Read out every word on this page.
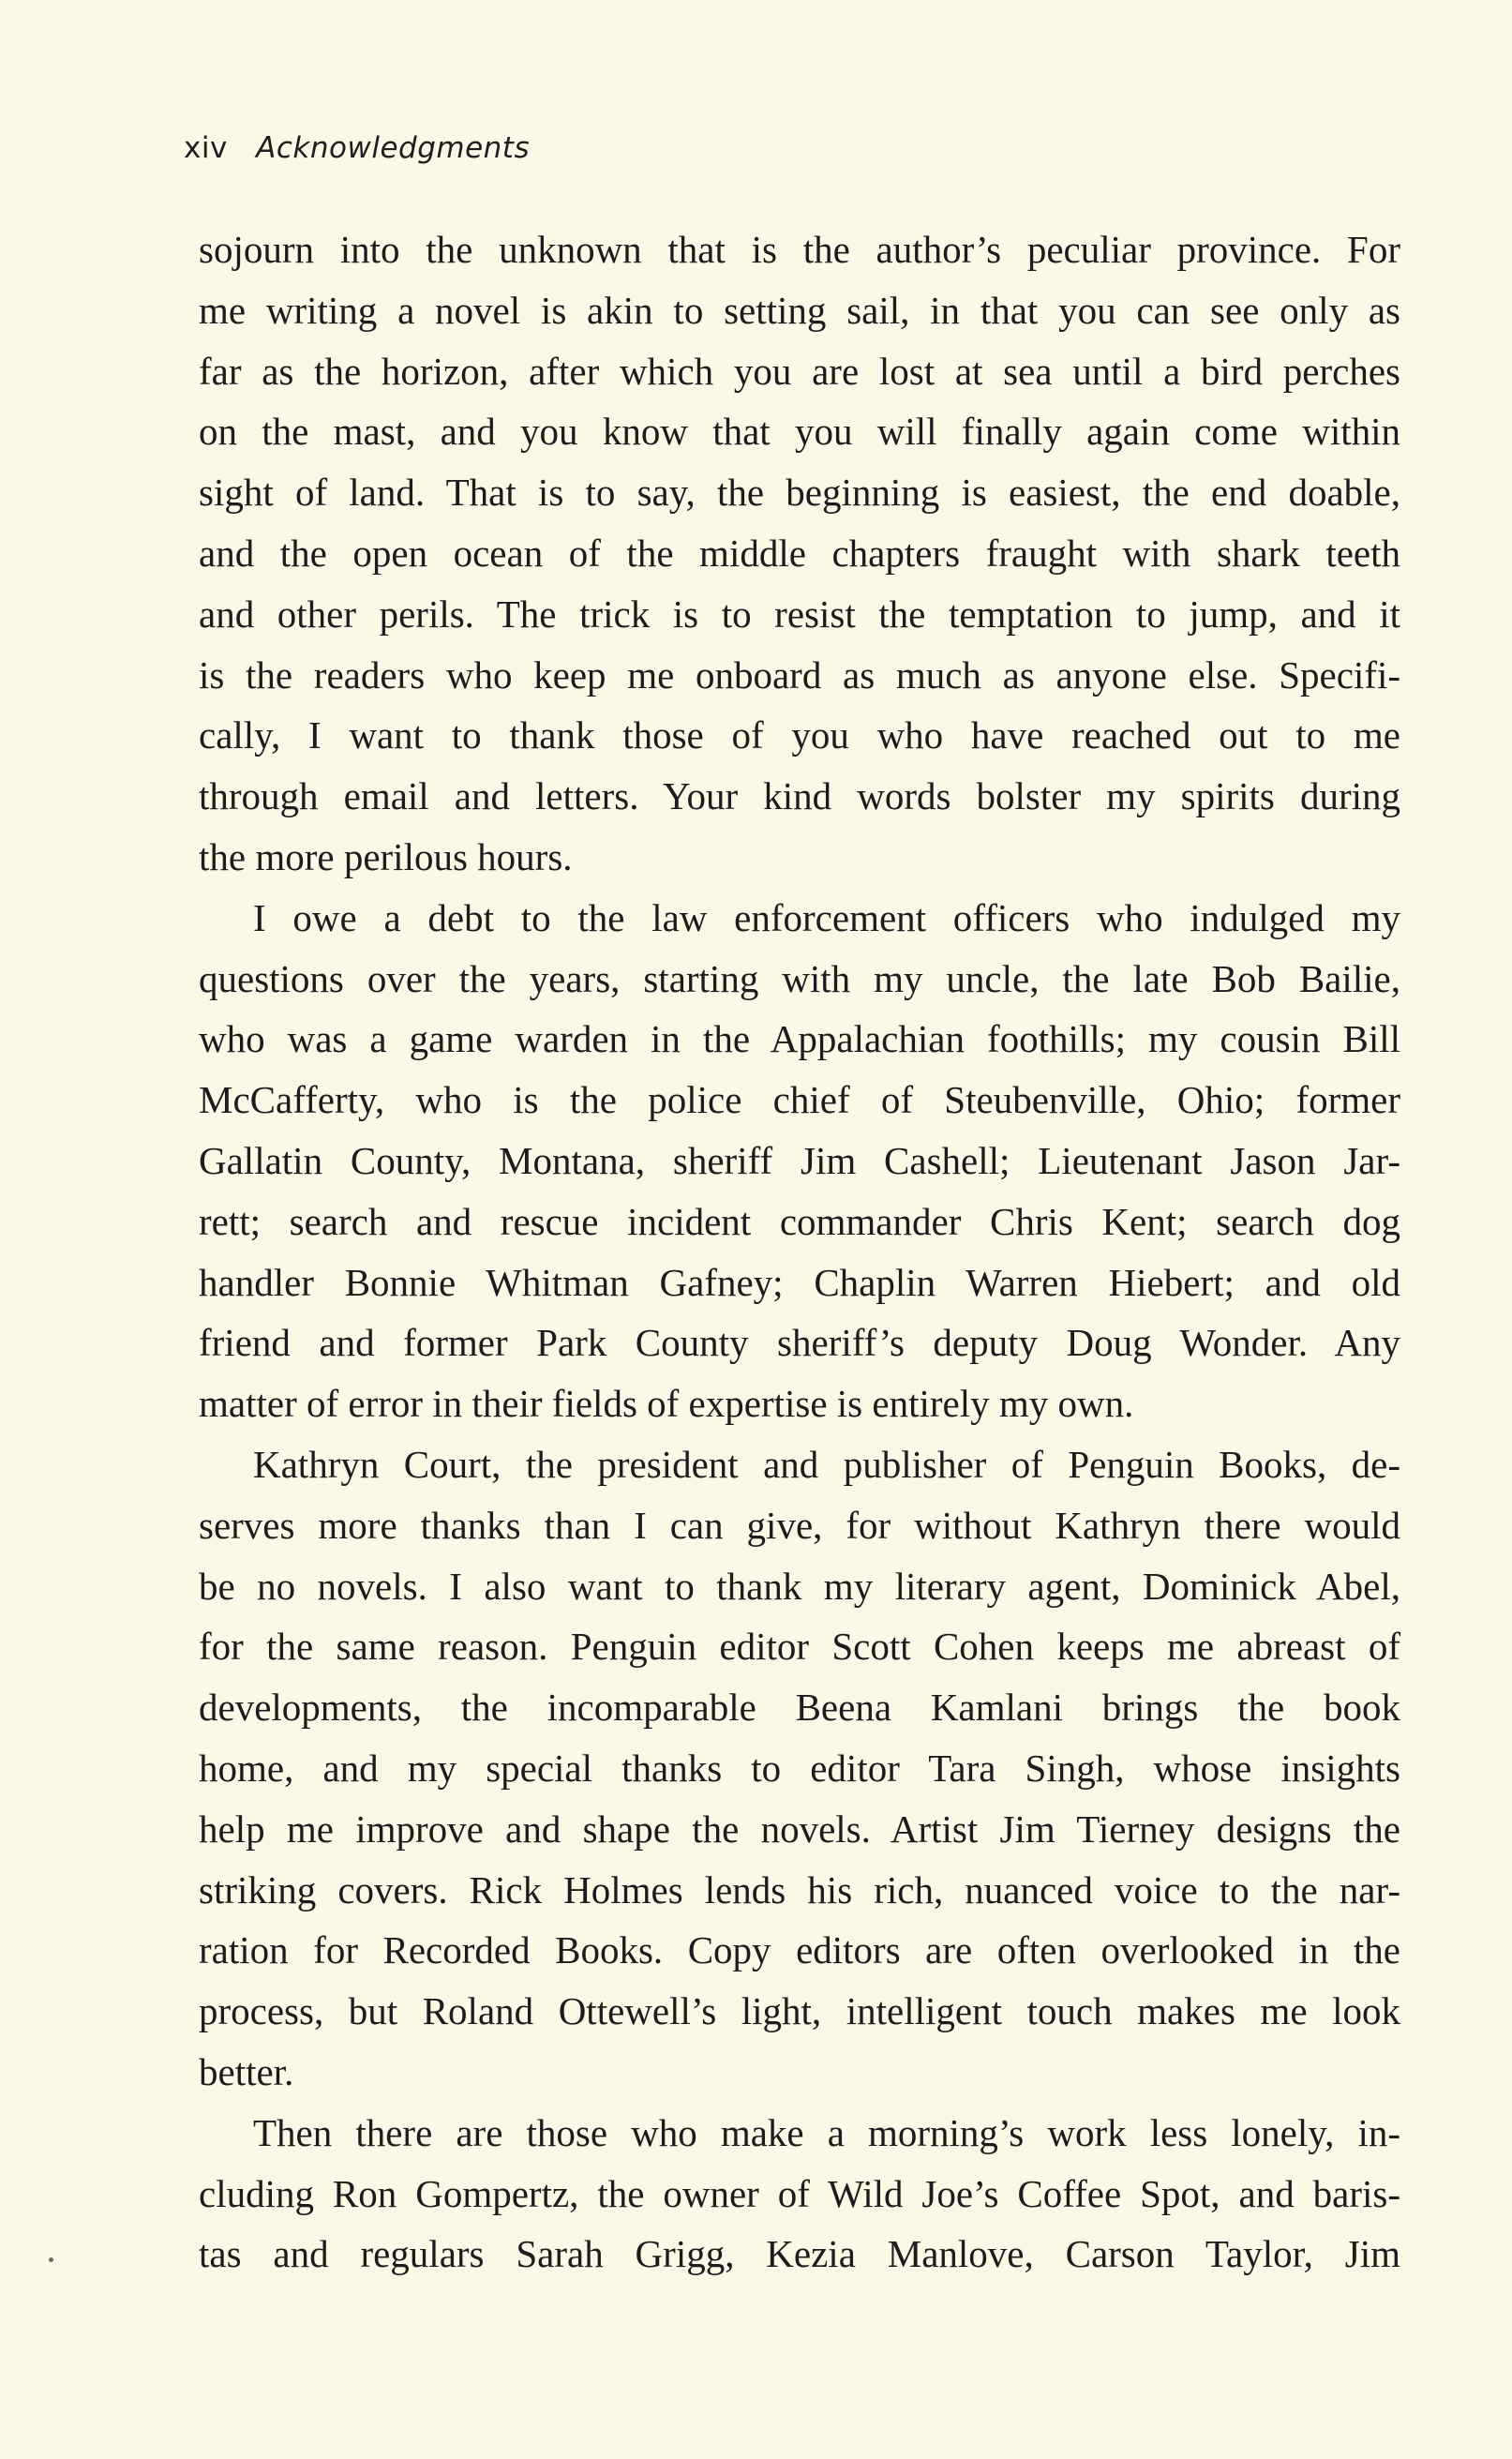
xiv Acknowledgments
sojourn into the unknown that is the author’s peculiar province. For
me writing a novel is akin to setting sail, in that you can see only as
far as the horizon, after which you are lost at sea until a bird perches
on the mast, and you know that you will finally again come within
sight of land. That is to say, the beginning is easiest, the end doable,
and the open ocean of the middle chapters fraught with shark teeth
and other perils. The trick is to resist the temptation to jump, and it
is the readers who keep me onboard as much as anyone else. Specifi-
cally, I want to thank those of you who have reached out to me
through email and letters. Your kind words bolster my spirits during
the more perilous hours.
I owe a debt to the law enforcement officers who indulged my
questions over the years, starting with my uncle, the late Bob Bailie,
who was a game warden in the Appalachian foothills; my cousin Bill
McCafferty, who is the police chief of Steubenville, Ohio; former
Gallatin County, Montana, sheriff Jim Cashell; Lieutenant Jason Jar-
rett; search and rescue incident commander Chris Kent; search dog
handler Bonnie Whitman Gafney; Chaplin Warren Hiebert; and old
friend and former Park County sheriff’s deputy Doug Wonder. Any
matter of error in their fields of expertise is entirely my own.
Kathryn Court, the president and publisher of Penguin Books, de-
serves more thanks than I can give, for without Kathryn there would
be no novels. I also want to thank my literary agent, Dominick Abel,
for the same reason. Penguin editor Scott Cohen keeps me abreast of
developments, the incomparable Beena Kamlani brings the book
home, and my special thanks to editor Tara Singh, whose insights
help me improve and shape the novels. Artist Jim Tierney designs the
striking covers. Rick Holmes lends his rich, nuanced voice to the nar-
ration for Recorded Books. Copy editors are often overlooked in the
process, but Roland Ottewell’s light, intelligent touch makes me look
better.
Then there are those who make a morning’s work less lonely, in-
cluding Ron Gompertz, the owner of Wild Joe’s Coffee Spot, and baris-
tas and regulars Sarah Grigg, Kezia Manlove, Carson Taylor, Jim
